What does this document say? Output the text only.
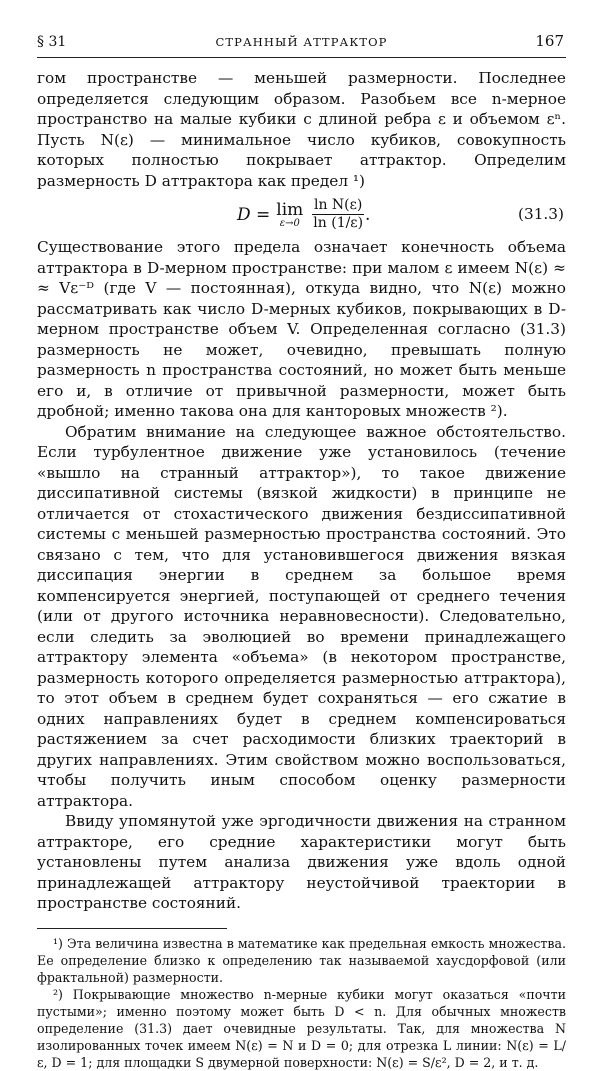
§ 31	СТРАННЫЙ АТТРАКТОР	167

гом пространстве — меньшей размерности. Последнее определяется следующим образом. Разобьем все n-мерное пространство на малые кубики с длиной ребра ε и объемом εⁿ. Пусть N(ε) — минимальное число кубиков, совокупность которых полностью покрывает аттрактор. Определим размерность D аттрактора как предел ¹)

D = lim
$\varepsilon\to 0 \frac{\text{ln N(ε)}}{\ln (1/\varepsilon)}$ .	(31.3)

Существование этого предела означает конечность объема аттрактора в D-мерном пространстве: при малом ε имеем N(ε) ≈ ≈ Vε⁻ᴰ (где V — постоянная), откуда видно, что N(ε) можно рассматривать как число D-мерных кубиков, покрывающих в D-мерном пространстве объем V. Определенная согласно (31.3) размерность не может, очевидно, превышать полную размерность n пространства состояний, но может быть меньше его и, в отличие от привычной размерности, может быть дробной; именно такова она для канторовых множеств ²).

Обратим внимание на следующее важное обстоятельство. Если турбулентное движение уже установилось (течение «вышло на странный аттрактор»), то такое движение диссипативной системы (вязкой жидкости) в принципе не отличается от стохастического движения бездиссипативной системы с меньшей размерностью пространства состояний. Это связано с тем, что для установившегося движения вязкая диссипация энергии в среднем за большое время компенсируется энергией, поступающей от среднего течения (или от другого источника неравновесности). Следовательно, если следить за эволюцией во времени принадлежащего аттрактору элемента «объема» (в некотором пространстве, размерность которого определяется размерностью аттрактора), то этот объем в среднем будет сохраняться — его сжатие в одних направлениях будет в среднем компенсироваться растяжением за счет расходимости близких траекторий в других направлениях. Этим свойством можно воспользоваться, чтобы получить иным способом оценку размерности аттрактора.

Ввиду упомянутой уже эргодичности движения на странном аттракторе, его средние характеристики могут быть установлены путем анализа движения уже вдоль одной принадлежащей аттрактору неустойчивой траектории в пространстве состояний.

¹) Эта величина известна в математике как предельная емкость множества. Ее определение близко к определению так называемой хаусдорфовой (или фрактальной) размерности.

²) Покрывающие множество n-мерные кубики могут оказаться «почти пустыми»; именно поэтому может быть D < n. Для обычных множеств определение (31.3) дает очевидные результаты. Так, для множества N изолированных точек имеем N(ε) = N и D = 0; для отрезка L линии: N(ε) = L/ε, D = 1; для площадки S двумерной поверхности: N(ε) = S/ε², D = 2, и т. д.
